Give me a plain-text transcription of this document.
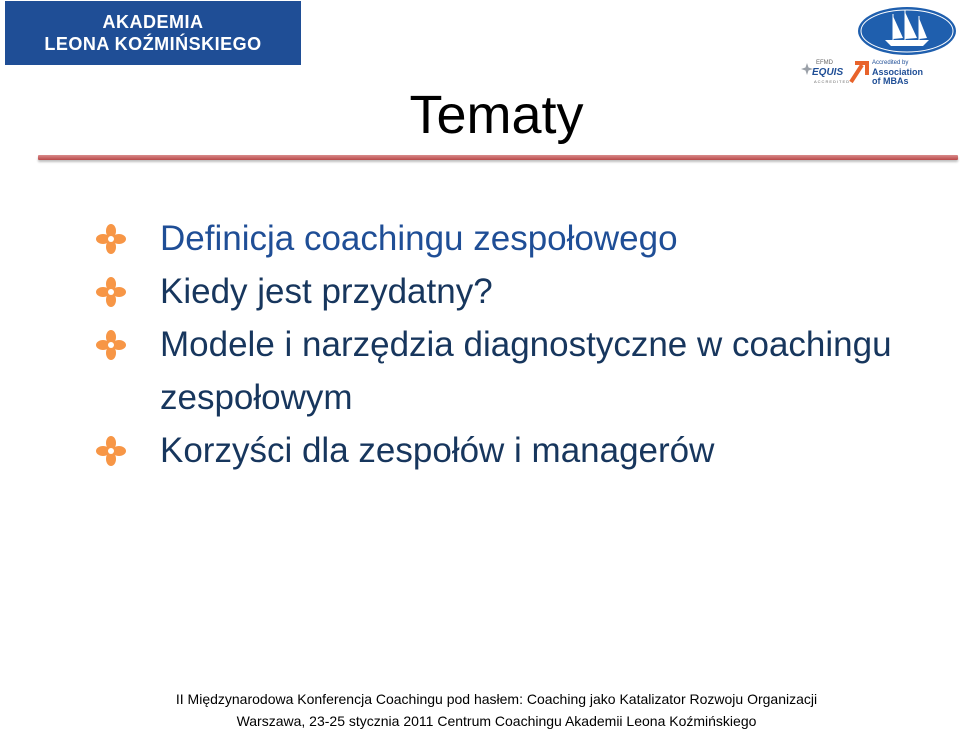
AKADEMIA
LEONA KOŹMIŃSKIEGO
EFMD
EQUIS
ACCREDITED
Accredited by
Association
of MBAs
Tematy
Definicja coachingu zespołowego
Kiedy jest przydatny?
Modele i narzędzia diagnostyczne w coachingu zespołowym
Korzyści dla zespołów i managerów
II Międzynarodowa Konferencja Coachingu pod hasłem: Coaching jako Katalizator Rozwoju Organizacji
Warszawa, 23-25 stycznia 2011 Centrum Coachingu Akademii Leona Koźmińskiego
